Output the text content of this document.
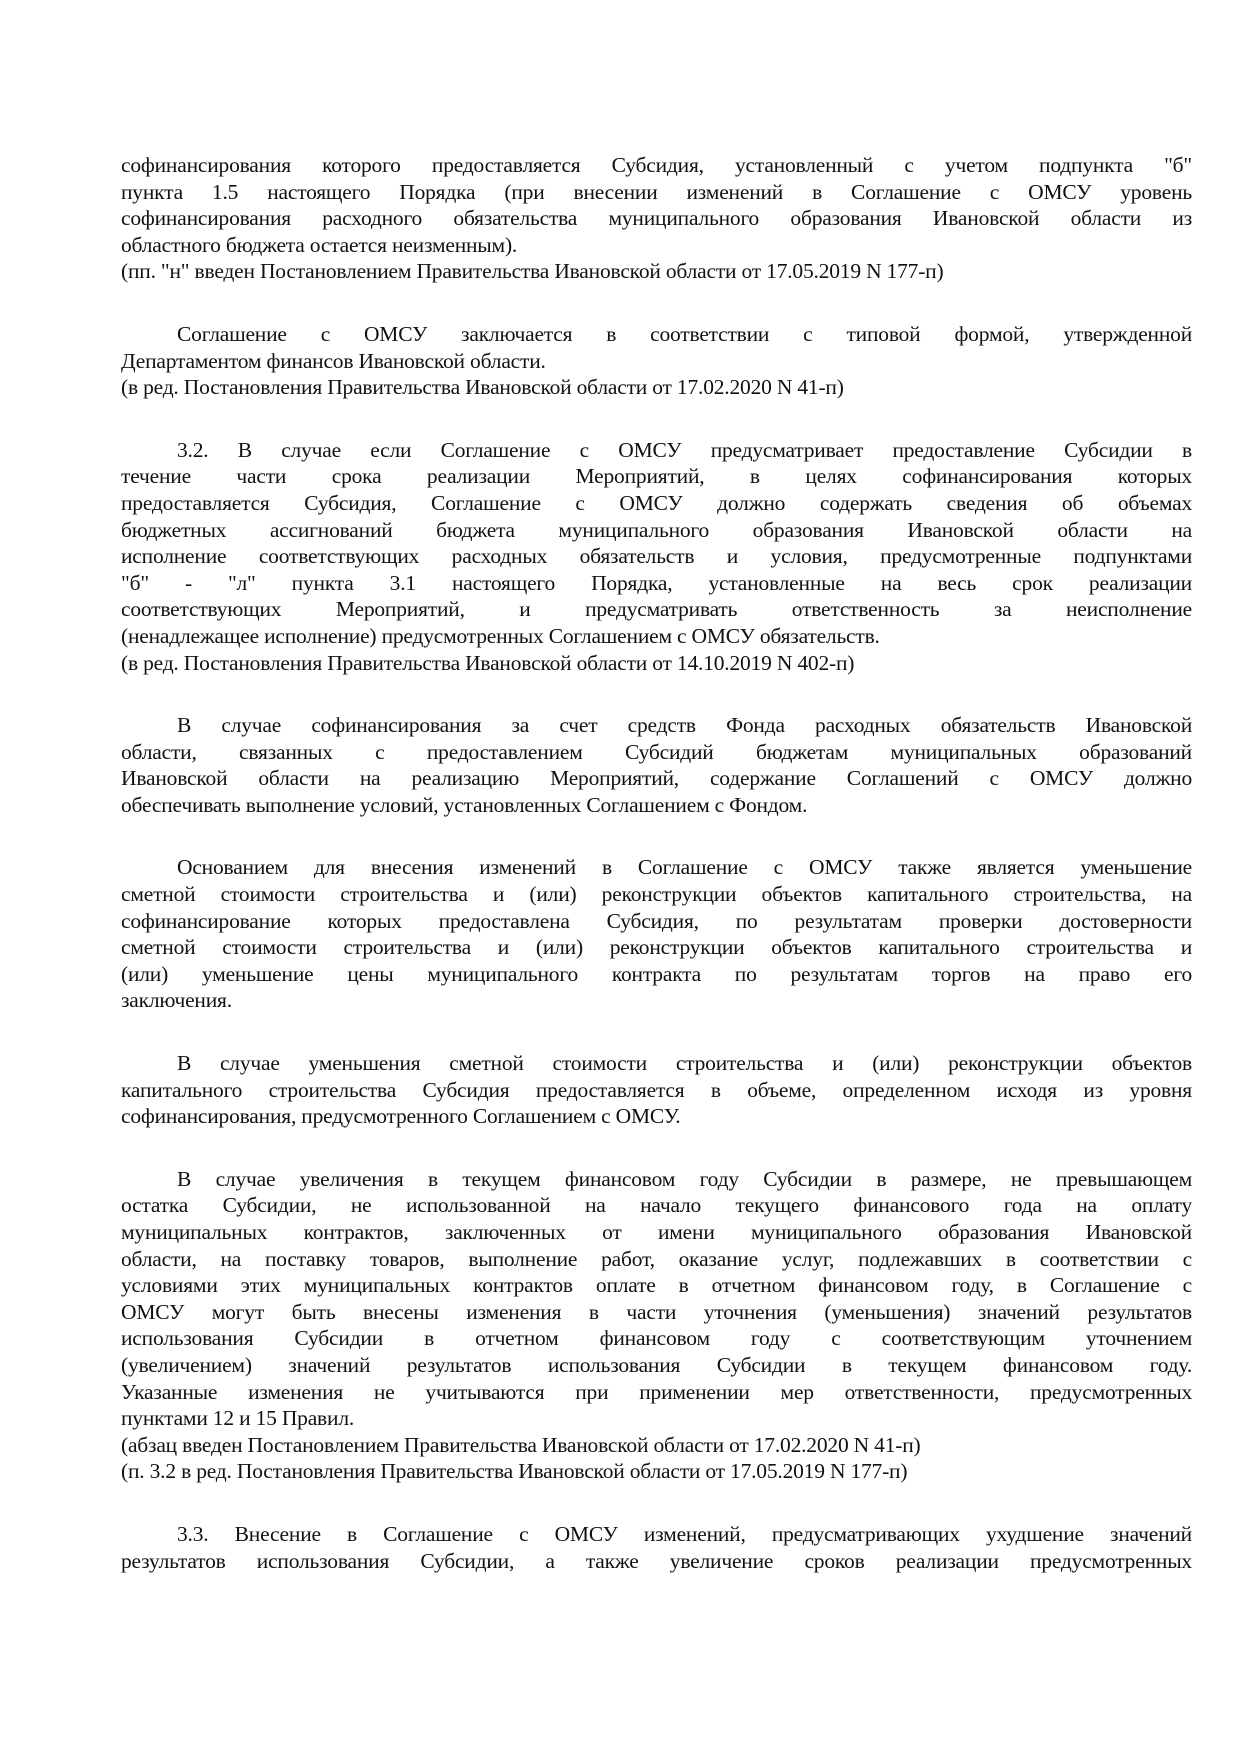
софинансирования которого предоставляется Субсидия, установленный с учетом подпункта "б"
пункта 1.5 настоящего Порядка (при внесении изменений в Соглашение с ОМСУ уровень
софинансирования расходного обязательства муниципального образования Ивановской области из
областного бюджета остается неизменным).
(пп. "н" введен Постановлением Правительства Ивановской области от 17.05.2019 N 177-п)
Соглашение с ОМСУ заключается в соответствии с типовой формой, утвержденной
Департаментом финансов Ивановской области.
(в ред. Постановления Правительства Ивановской области от 17.02.2020 N 41-п)
3.2. В случае если Соглашение с ОМСУ предусматривает предоставление Субсидии в
течение части срока реализации Мероприятий, в целях софинансирования которых
предоставляется Субсидия, Соглашение с ОМСУ должно содержать сведения об объемах
бюджетных ассигнований бюджета муниципального образования Ивановской области на
исполнение соответствующих расходных обязательств и условия, предусмотренные подпунктами
"б" - "л" пункта 3.1 настоящего Порядка, установленные на весь срок реализации
соответствующих Мероприятий, и предусматривать ответственность за неисполнение
(ненадлежащее исполнение) предусмотренных Соглашением с ОМСУ обязательств.
(в ред. Постановления Правительства Ивановской области от 14.10.2019 N 402-п)
В случае софинансирования за счет средств Фонда расходных обязательств Ивановской
области, связанных с предоставлением Субсидий бюджетам муниципальных образований
Ивановской области на реализацию Мероприятий, содержание Соглашений с ОМСУ должно
обеспечивать выполнение условий, установленных Соглашением с Фондом.
Основанием для внесения изменений в Соглашение с ОМСУ также является уменьшение
сметной стоимости строительства и (или) реконструкции объектов капитального строительства, на
софинансирование которых предоставлена Субсидия, по результатам проверки достоверности
сметной стоимости строительства и (или) реконструкции объектов капитального строительства и
(или) уменьшение цены муниципального контракта по результатам торгов на право его
заключения.
В случае уменьшения сметной стоимости строительства и (или) реконструкции объектов
капитального строительства Субсидия предоставляется в объеме, определенном исходя из уровня
софинансирования, предусмотренного Соглашением с ОМСУ.
В случае увеличения в текущем финансовом году Субсидии в размере, не превышающем
остатка Субсидии, не использованной на начало текущего финансового года на оплату
муниципальных контрактов, заключенных от имени муниципального образования Ивановской
области, на поставку товаров, выполнение работ, оказание услуг, подлежавших в соответствии с
условиями этих муниципальных контрактов оплате в отчетном финансовом году, в Соглашение с
ОМСУ могут быть внесены изменения в части уточнения (уменьшения) значений результатов
использования Субсидии в отчетном финансовом году с соответствующим уточнением
(увеличением) значений результатов использования Субсидии в текущем финансовом году.
Указанные изменения не учитываются при применении мер ответственности, предусмотренных
пунктами 12 и 15 Правил.
(абзац введен Постановлением Правительства Ивановской области от 17.02.2020 N 41-п)
(п. 3.2 в ред. Постановления Правительства Ивановской области от 17.05.2019 N 177-п)
3.3. Внесение в Соглашение с ОМСУ изменений, предусматривающих ухудшение значений
результатов использования Субсидии, а также увеличение сроков реализации предусмотренных
